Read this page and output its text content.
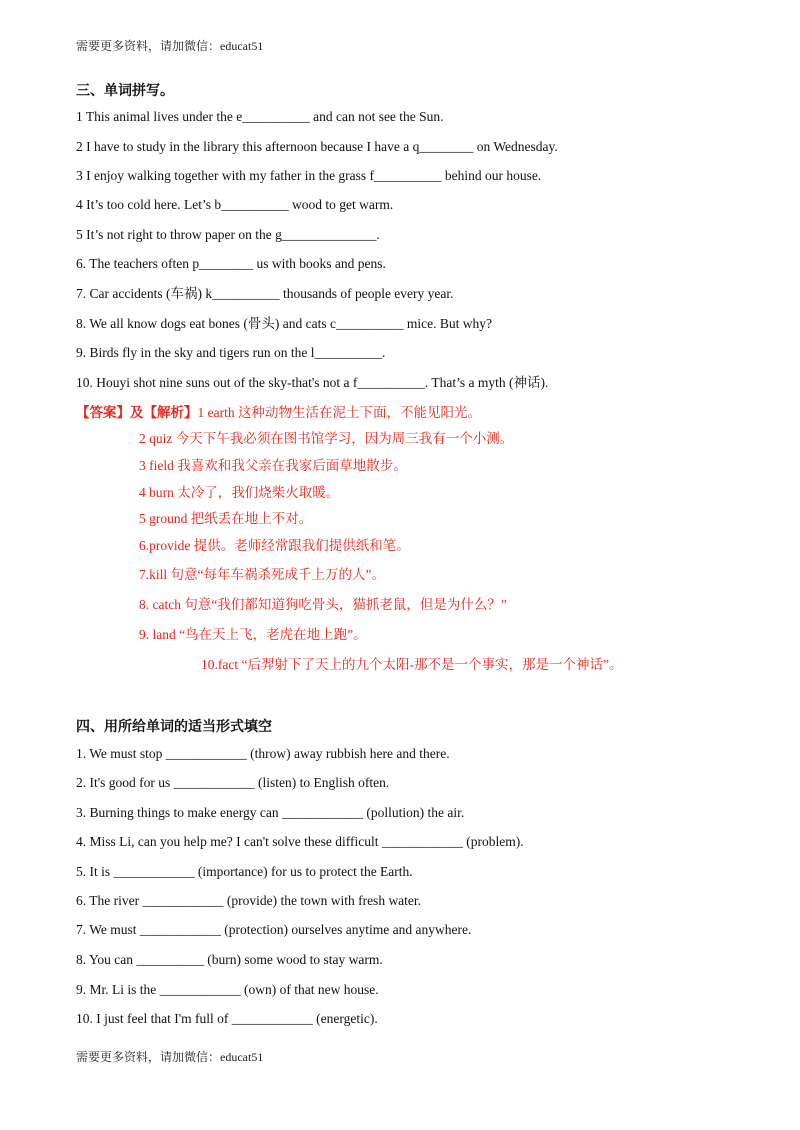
需要更多资料，请加微信：educat51
三、单词拼写。
1 This animal lives under the e__________ and can not see the Sun.
2 I have to study in the library this afternoon because I have a q________ on Wednesday.
3 I enjoy walking together with my father in the grass f__________ behind our house.
4 It’s too cold here. Let’s b__________ wood to get warm.
5 It’s not right to throw paper on the g______________.
6. The teachers often p________ us with books and pens.
7. Car accidents (车祸) k__________ thousands of people every year.
8. We all know dogs eat bones (骨头) and cats c__________ mice. But why?
9. Birds fly in the sky and tigers run on the l__________.
10. Houyi shot nine suns out of the sky-that's not a f__________. That’s a myth (神话).
【答案】及【解析】1 earth 这种动物生活在泥土下面，不能见阳光。
2 quiz 今天下午我必须在图书馆学习，因为周三我有一个小测。
3 field 我喜欢和我父亲在我家后面草地散步。
4 burn 太冷了，我们烧柴火取暖。
5 ground 把纸丢在地上不对。
6.provide 提供。老师经常跟我们提供纸和笔。
7.kill 句意“每年车祸杀死成千上万的人”。
8. catch 句意“我们都知道狗吃骨头，猫抓老鼠，但是为什么？”
9. land “鸟在天上飞，老虎在地上跑”。
10.fact “后羿射下了天上的九个太阳-那不是一个事实，那是一个神话”。
四、用所给单词的适当形式填空
1. We must stop ____________ (throw) away rubbish here and there.
2. It's good for us ____________ (listen) to English often.
3. Burning things to make energy can ____________ (pollution) the air.
4. Miss Li, can you help me? I can't solve these difficult ____________ (problem).
5. It is ____________ (importance) for us to protect the Earth.
6. The river ____________ (provide) the town with fresh water.
7. We must ____________ (protection) ourselves anytime and anywhere.
8. You can __________ (burn) some wood to stay warm.
9. Mr. Li is the ____________ (own) of that new house.
10. I just feel that I'm full of ____________ (energetic).
需要更多资料，请加微信：educat51
